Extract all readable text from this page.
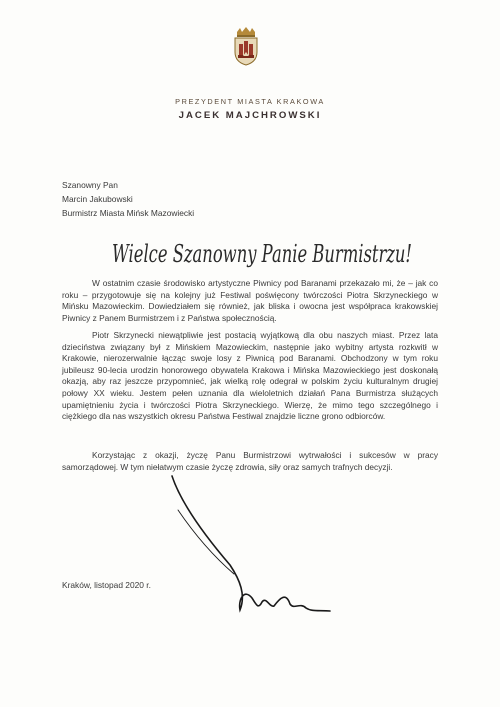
PREZYDENT MIASTA KRAKOWA
JACEK MAJCHROWSKI
Szanowny Pan
Marcin Jakubowski
Burmistrz Miasta Mińsk Mazowiecki
Wielce Szanowny Panie Burmistrzu!
W ostatnim czasie środowisko artystyczne Piwnicy pod Baranami przekazało mi, że – jak co roku – przygotowuje się na kolejny już Festiwal poświęcony twórczości Piotra Skrzyneckiego w Mińsku Mazowieckim. Dowiedziałem się również, jak bliska i owocna jest współpraca krakowskiej Piwnicy z Panem Burmistrzem i z Państwa społecznością.
Piotr Skrzynecki niewątpliwie jest postacią wyjątkową dla obu naszych miast. Przez lata dzieciństwa związany był z Mińskiem Mazowieckim, następnie jako wybitny artysta rozkwitł w Krakowie, nierozerwalnie łącząc swoje losy z Piwnicą pod Baranami. Obchodzony w tym roku jubileusz 90-lecia urodzin honorowego obywatela Krakowa i Mińska Mazowieckiego jest doskonałą okazją, aby raz jeszcze przypomnieć, jak wielką rolę odegrał w polskim życiu kulturalnym drugiej połowy XX wieku. Jestem pełen uznania dla wieloletnich działań Pana Burmistrza służących upamiętnieniu życia i twórczości Piotra Skrzyneckiego. Wierzę, że mimo tego szczególnego i ciężkiego dla nas wszystkich okresu Państwa Festiwal znajdzie liczne grono odbiorców.
Korzystając z okazji, życzę Panu Burmistrzowi wytrwałości i sukcesów w pracy samorządowej. W tym niełatwym czasie życzę zdrowia, siły oraz samych trafnych decyzji.
Kraków, listopad 2020 r.
